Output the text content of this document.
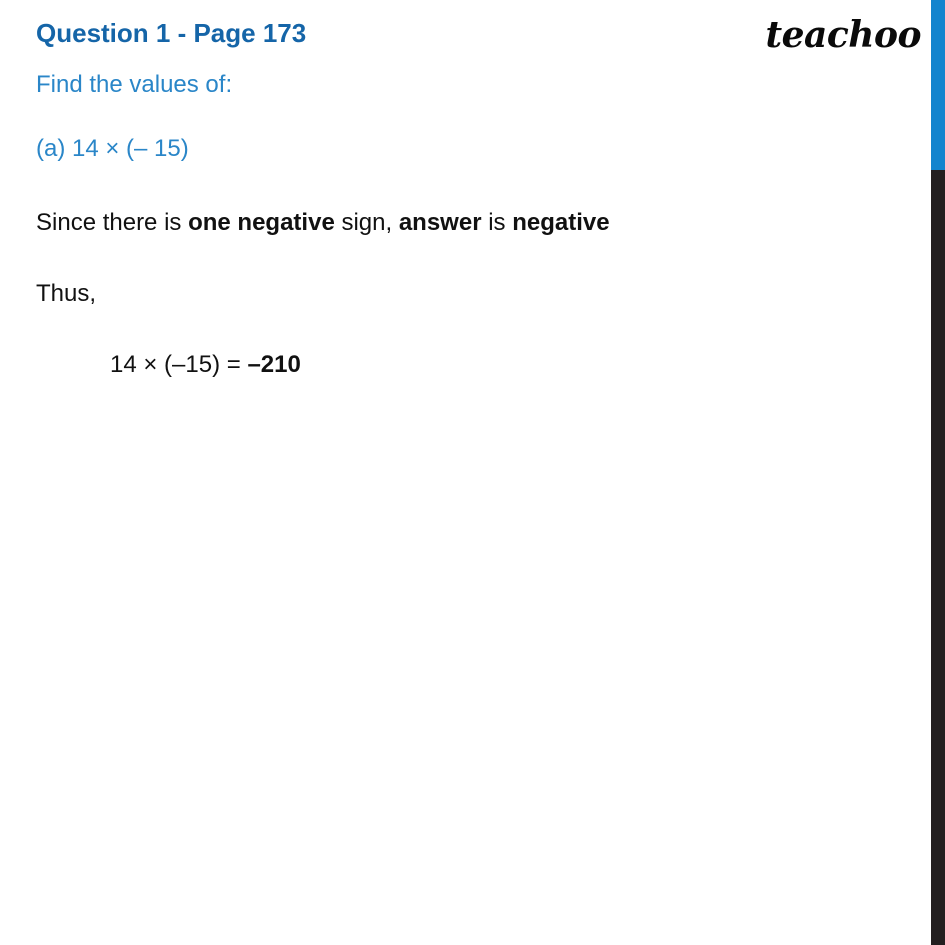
teachoo
Question 1 - Page 173
Find the values of:
(a) 14 × (– 15)
Since there is one negative sign, answer is negative
Thus,
14 × (–15) = –210
